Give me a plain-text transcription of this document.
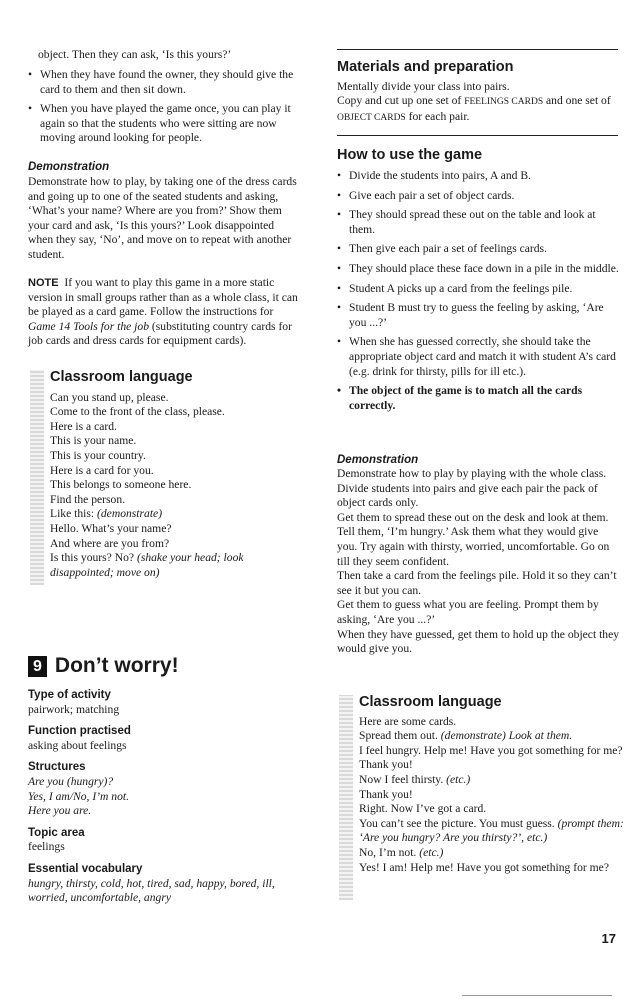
object. Then they can ask, ‘Is this yours?’

• When they have found the owner, they should give the card to them and then sit down.
• When you have played the game once, you can play it again so that the students who were sitting are now moving around looking for people.

Demonstration

Demonstrate how to play, by taking one of the dress cards and going up to one of the seated students and asking, ‘What’s your name? Where are you from?’ Show them your card and ask, ‘Is this yours?’ Look disappointed when they say, ‘No’, and move on to repeat with another student.

NOTE If you want to play this game in a more static version in small groups rather than as a whole class, it can be played as a card game. Follow the instructions for Game 14 Tools for the job (substituting country cards for job cards and dress cards for equipment cards).

Classroom language

Can you stand up, please.

Come to the front of the class, please.

Here is a card.

This is your name.

This is your country.

Here is a card for you.

This belongs to someone here.

Find the person.

Like this: (demonstrate)

Hello. What’s your name?

And where are you from?

Is this yours? No? (shake your head; look

disappointed; move on)

9 Don’t worry!

Type of activity

pairwork; matching

Function practised

asking about feelings

Structures

Are you (hungry)?

Yes, I am/No, I’m not.

Here you are.

Topic area

feelings

Essential vocabulary

hungry, thirsty, cold, hot, tired, sad, happy, bored, ill, worried, uncomfortable, angry

Materials and preparation

Mentally divide your class into pairs.

Copy and cut up one set of FEELINGS CARDS and one set of OBJECT CARDS for each pair.

How to use the game

• Divide the students into pairs, A and B.
• Give each pair a set of object cards.
• They should spread these out on the table and look at them.
• Then give each pair a set of feelings cards.
• They should place these face down in a pile in the middle.
• Student A picks up a card from the feelings pile.
• Student B must try to guess the feeling by asking, ‘Are you ...?’
• When she has guessed correctly, she should take the appropriate object card and match it with student A’s card (e.g. drink for thirsty, pills for ill etc.).
• The object of the game is to match all the cards correctly.

Demonstration

Demonstrate how to play by playing with the whole class. Divide students into pairs and give each pair the pack of object cards only.

Get them to spread these out on the desk and look at them.

Tell them, ‘I’m hungry.’ Ask them what they would give you. Try again with thirsty, worried, uncomfortable. Go on till they seem confident.

Then take a card from the feelings pile. Hold it so they can’t see it but you can.

Get them to guess what you are feeling. Prompt them by asking, ‘Are you ...?’

When they have guessed, get them to hold up the object they would give you.

Classroom language

Here are some cards.

Spread them out. (demonstrate) Look at them.

I feel hungry. Help me! Have you got something for me?

Thank you!

Now I feel thirsty. (etc.)

Thank you!

Right. Now I’ve got a card.

You can’t see the picture. You must guess. (prompt them: ‘Are you hungry? Are you thirsty?’, etc.)

No, I’m not. (etc.)

Yes! I am! Help me! Have you got something for me?

17
